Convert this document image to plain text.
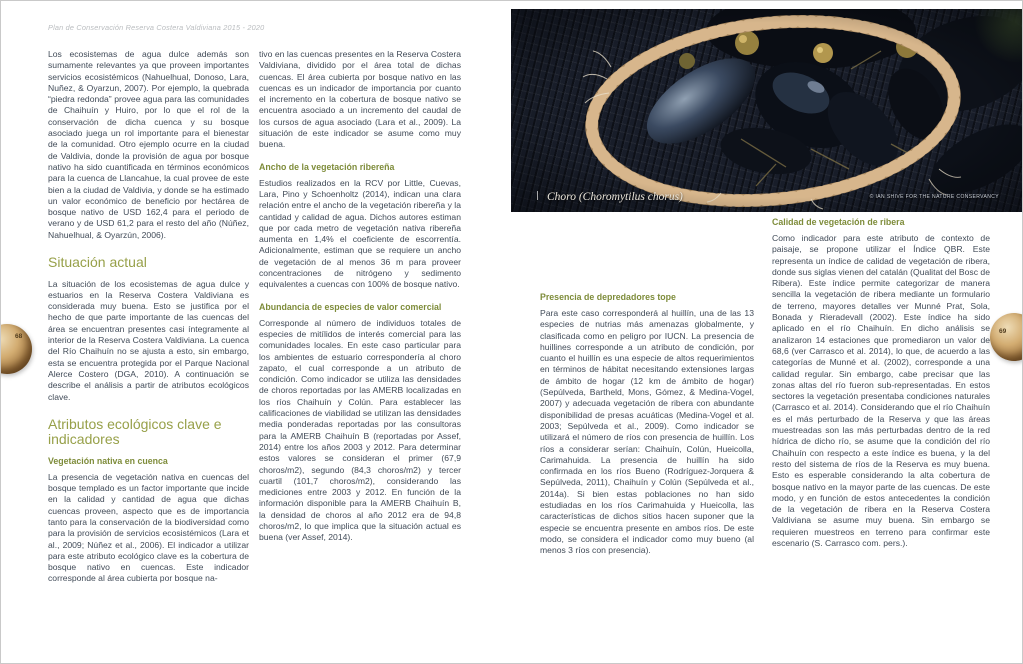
Plan de Conservación Reserva Costera Valdiviana 2015 - 2020

Los ecosistemas de agua dulce además son sumamente relevantes ya que proveen importantes servicios ecosistémicos (Nahuelhual, Donoso, Lara, Nuñez, & Oyarzun, 2007). Por ejemplo, la quebrada “piedra redonda” provee agua para las comunidades de Chaihuín y Huiro, por lo que el rol de la conservación de dicha cuenca y su bosque asociado juega un rol importante para el bienestar de la comunidad. Otro ejemplo ocurre en la ciudad de Valdivia, donde la provisión de agua por bosque nativo ha sido cuantificada en términos económicos para la cuenca de Llancahue, la cual provee de este bien a la ciudad de Valdivia, y donde se ha estimado un valor económico de beneficio por hectárea de bosque nativo de USD 162,4 para el periodo de verano y de USD 61,2 para el resto del año (Núñez, Nahuelhual, & Oyarzún, 2006).

Situación actual

La situación de los ecosistemas de agua dulce y estuarios en la Reserva Costera Valdiviana es considerada muy buena. Esto se justifica por el hecho de que parte importante de las cuencas del área se encuentran presentes casi íntegramente al interior de la Reserva Costera Valdiviana. La cuenca del Río Chaihuín no se ajusta a esto, sin embargo, esta se encuentra protegida por el Parque Nacional Alerce Costero (DGA, 2010). A continuación se describe el análisis a partir de atributos ecológicos clave.

Atributos ecológicos clave e indicadores
Vegetación nativa en cuenca

La presencia de vegetación nativa en cuencas del bosque templado es un factor importante que incide en la calidad y cantidad de agua que dichas cuencas proveen, aspecto que es de importancia tanto para la conservación de la biodiversidad como para la provisión de servicios ecosistémicos (Lara et al., 2009; Núñez et al., 2006). El indicador a utilizar para este atributo ecológico clave es la cobertura de bosque nativo en cuencas. Este indicador corresponde al área cubierta por bosque na-

tivo en las cuencas presentes en la Reserva Costera Valdiviana, dividido por el área total de dichas cuencas. El área cubierta por bosque nativo en las cuencas es un indicador de importancia por cuanto el incremento en la cobertura de bosque nativo se encuentra asociado a un incremento del caudal de los cursos de agua asociado (Lara et al., 2009). La situación de este indicador se asume como muy buena.

Ancho de la vegetación ribereña

Estudios realizados en la RCV por Little, Cuevas, Lara, Pino y Schoenholtz (2014), indican una clara relación entre el ancho de la vegetación ribereña y la cantidad y calidad de agua. Dichos autores estiman que por cada metro de vegetación nativa ribereña aumenta en 1,4% el coeficiente de escorrentía. Adicionalmente, estiman que se requiere un ancho de vegetación de al menos 36 m para proveer concentraciones de nitrógeno y sedimento equivalentes a cuencas con 100% de bosque nativo.

Abundancia de especies de valor comercial

Corresponde al número de individuos totales de especies de mitílidos de interés comercial para las comunidades locales. En este caso particular para los ambientes de estuario correspondería al choro zapato, el cual corresponde a un atributo de condición. Como indicador se utiliza las densidades de choros reportadas por las AMERB localizadas en los ríos Chaihuín y Colún. Para establecer las calificaciones de viabilidad se utilizan las densidades media ponderadas reportadas por las consultoras para la AMERB Chaihuín B (reportadas por Assef, 2014) entre los años 2003 y 2012. Para determinar estos valores se consideran el primer (67,9 choros/m2), segundo (84,3 choros/m2) y tercer cuartil (101,7 choros/m2), considerando las mediciones entre 2003 y 2012. En función de la información disponible para la AMERB Chaihuín B, la densidad de choros al año 2012 era de 94,8 choros/m2, lo que implica que la situación actual es buena (ver Assef, 2014).

Choro (Choromytilus chorus)	© IAN SHIVE FOR THE NATURE CONSERVANCY
Presencia de depredadores tope

Para este caso corresponderá al huillín, una de las 13 especies de nutrias más amenazas globalmente, y clasificada como en peligro por IUCN. La presencia de huillines corresponde a un atributo de condición, por cuanto el huillín es una especie de altos requerimientos en términos de hábitat necesitando extensiones largas de ámbito de hogar (12 km de ámbito de hogar) (Sepúlveda, Bartheld, Mons, Gómez, & Medina-Vogel, 2007) y adecuada vegetación de ribera con abundante disponibilidad de presas acuáticas (Medina-Vogel et al. 2003; Sepúlveda et al., 2009). Como indicador se utilizará el número de ríos con presencia de huillín. Los ríos a considerar serían: Chaihuín, Colún, Hueicolla, Carimahuida. La presencia de huillín ha sido confirmada en los ríos Bueno (Rodríguez-Jorquera & Sepúlveda, 2011), Chaihuín y Colún (Sepúlveda et al., 2014a). Si bien estas poblaciones no han sido estudiadas en los ríos Carimahuida y Hueicolla, las características de dichos sitios hacen suponer que la especie se encuentra presente en ambos ríos. De este modo, se considera el indicador como muy bueno (al menos 3 ríos con presencia).

Calidad de vegetación de ribera

Como indicador para este atributo de contexto de paisaje, se propone utilizar el Índice QBR. Este representa un índice de calidad de vegetación de ribera, donde sus siglas vienen del catalán (Qualitat del Bosc de Ribera). Este índice permite categorizar de manera sencilla la vegetación de ribera mediante un formulario de terreno, mayores detalles ver Munné Prat, Sola, Bonada y Rieradevall (2002). Este índice ha sido aplicado en el río Chaihuín. En dicho análisis se analizaron 14 estaciones que promediaron un valor de 68,6 (ver Carrasco et al. 2014), lo que, de acuerdo a las categorías de Munné et al. (2002), corresponde a una calidad regular. Sin embargo, cabe precisar que las zonas altas del río fueron sub-representadas. En estos sectores la vegetación presentaba condiciones naturales (Carrasco et al. 2014). Considerando que el río Chaihuín es el más perturbado de la Reserva y que las áreas muestreadas son las más perturbadas dentro de la red hídrica de dicho río, se asume que la condición del río Chaihuín con respecto a este índice es buena, y la del resto del sistema de ríos de la Reserva es muy buena. Esto es esperable considerando la alta cobertura de bosque nativo en la mayor parte de las cuencas. De este modo, y en función de estos antecedentes la condición de la vegetación de ribera en la Reserva Costera Valdiviana se asume muy buena. Sin embargo se requieren muestreos en terreno para confirmar este escenario (S. Carrasco com. pers.).

68
69
